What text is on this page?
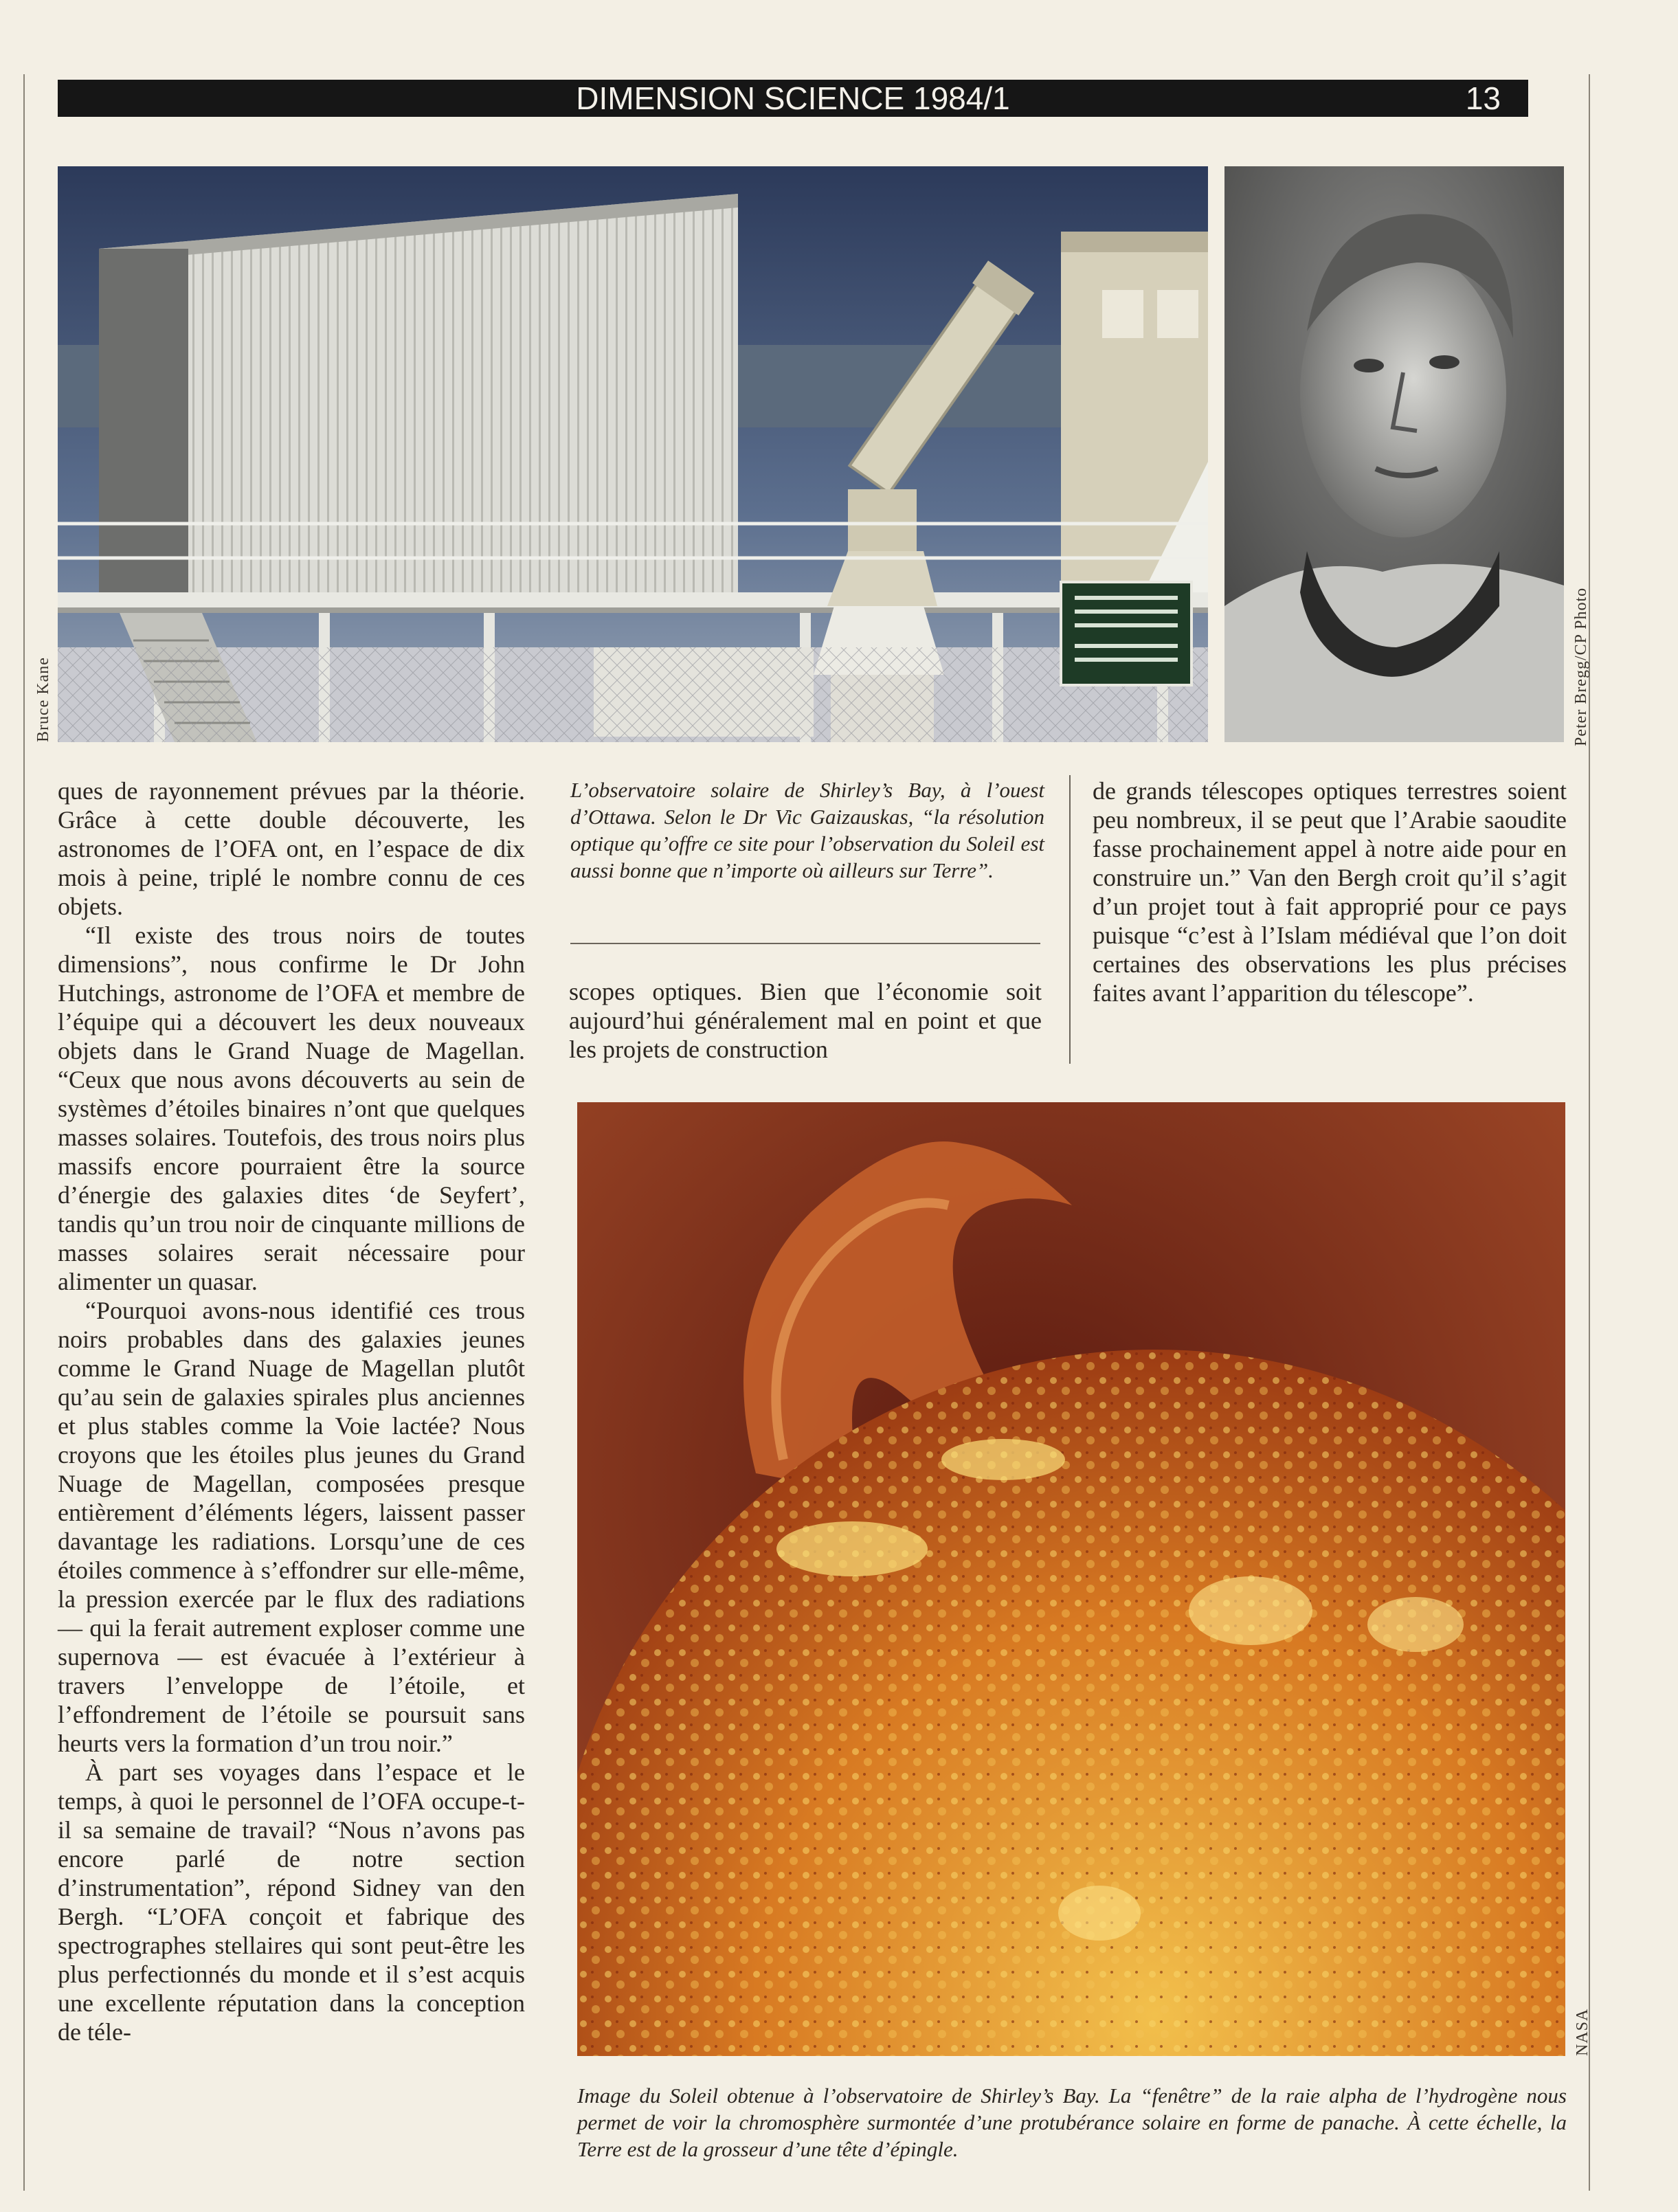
DIMENSION SCIENCE 1984/1	13
Bruce Kane	Peter Bregg/CP Photo

ques de rayonnement prévues par la théorie. Grâce à cette double découverte, les astronomes de l’OFA ont, en l’espace de dix mois à peine, triplé le nombre connu de ces objets.

“Il existe des trous noirs de toutes dimensions”, nous confirme le Dr John Hutchings, astronome de l’OFA et membre de l’équipe qui a découvert les deux nouveaux objets dans le Grand Nuage de Magellan. “Ceux que nous avons découverts au sein de systèmes d’étoiles binaires n’ont que quelques masses solaires. Toutefois, des trous noirs plus massifs encore pourraient être la source d’énergie des galaxies dites ‘de Seyfert’, tandis qu’un trou noir de cinquante millions de masses solaires serait nécessaire pour alimenter un quasar.

“Pourquoi avons-nous identifié ces trous noirs probables dans des galaxies jeunes comme le Grand Nuage de Magellan plutôt qu’au sein de galaxies spirales plus anciennes et plus stables comme la Voie lactée? Nous croyons que les étoiles plus jeunes du Grand Nuage de Magellan, composées presque entièrement d’éléments légers, laissent passer davantage les radiations. Lorsqu’une de ces étoiles commence à s’effondrer sur elle-même, la pression exercée par le flux des radiations — qui la ferait autrement exploser comme une supernova — est évacuée à l’extérieur à travers l’enveloppe de l’étoile, et l’effondrement de l’étoile se poursuit sans heurts vers la formation d’un trou noir.”

À part ses voyages dans l’espace et le temps, à quoi le personnel de l’OFA occupe-t-il sa semaine de travail? “Nous n’avons pas encore parlé de notre section d’instrumentation”, répond Sidney van den Bergh. “L’OFA conçoit et fabrique des spectrographes stellaires qui sont peut-être les plus perfectionnés du monde et il s’est acquis une excellente réputation dans la conception de téle-

L’observatoire solaire de Shirley’s Bay, à l’ouest d’Ottawa. Selon le Dr Vic Gaizauskas, “la résolution optique qu’offre ce site pour l’observation du Soleil est aussi bonne que n’importe où ailleurs sur Terre”.

scopes optiques. Bien que l’économie soit aujourd’hui généralement mal en point et que les projets de construction

de grands télescopes optiques terrestres soient peu nombreux, il se peut que l’Arabie saoudite fasse prochainement appel à notre aide pour en construire un.” Van den Bergh croit qu’il s’agit d’un projet tout à fait approprié pour ce pays puisque “c’est à l’Islam médiéval que l’on doit certaines des observations les plus précises faites avant l’apparition du télescope”.

NASA
Image du Soleil obtenue à l’observatoire de Shirley’s Bay. La “fenêtre” de la raie alpha de l’hydrogène nous permet de voir la chromosphère surmontée d’une protubérance solaire en forme de panache. À cette échelle, la Terre est de la grosseur d’une tête d’épingle.
